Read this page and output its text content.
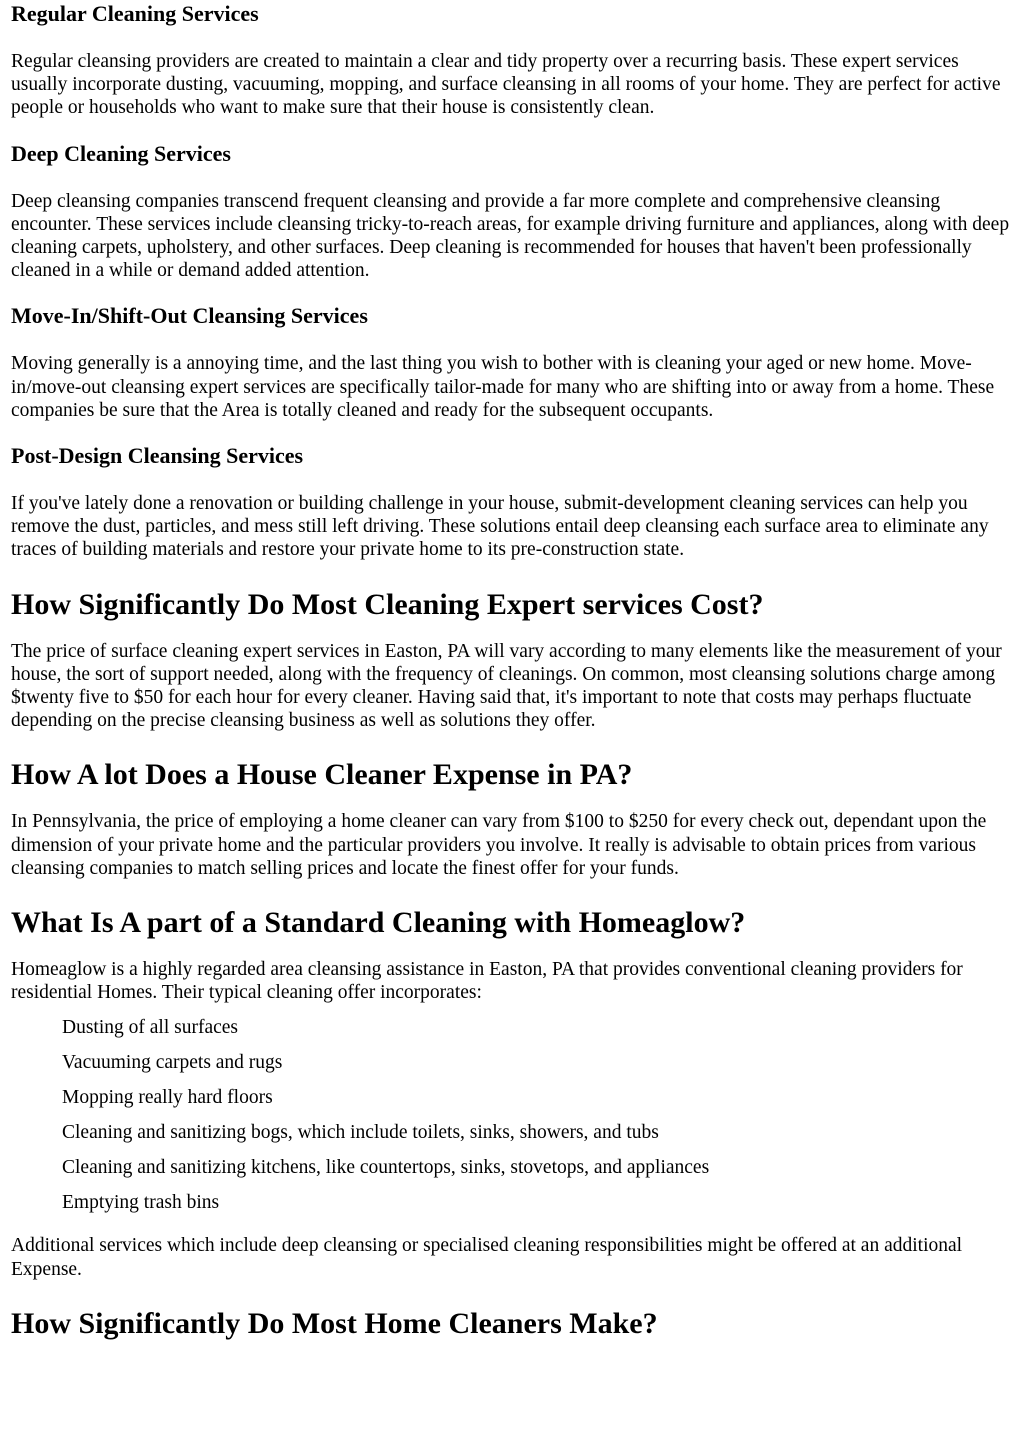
Regular Cleaning Services

Regular cleansing providers are created to maintain a clear and tidy property over a recurring basis. These expert services usually incorporate dusting, vacuuming, mopping, and surface cleansing in all rooms of your home. They are perfect for active people or households who want to make sure that their house is consistently clean.

Deep Cleaning Services

Deep cleansing companies transcend frequent cleansing and provide a far more complete and comprehensive cleansing encounter. These services include cleansing tricky-to-reach areas, for example driving furniture and appliances, along with deep cleaning carpets, upholstery, and other surfaces. Deep cleaning is recommended for houses that haven't been professionally cleaned in a while or demand added attention.

Move-In/Shift-Out Cleansing Services

Moving generally is a annoying time, and the last thing you wish to bother with is cleaning your aged or new home. Move-in/move-out cleansing expert services are specifically tailor-made for many who are shifting into or away from a home. These companies be sure that the Area is totally cleaned and ready for the subsequent occupants.

Post-Design Cleansing Services

If you've lately done a renovation or building challenge in your house, submit-development cleaning services can help you remove the dust, particles, and mess still left driving. These solutions entail deep cleansing each surface area to eliminate any traces of building materials and restore your private home to its pre-construction state.

How Significantly Do Most Cleaning Expert services Cost?

The price of surface cleaning expert services in Easton, PA will vary according to many elements like the measurement of your house, the sort of support needed, along with the frequency of cleanings. On common, most cleansing solutions charge among $twenty five to $50 for each hour for every cleaner. Having said that, it's important to note that costs may perhaps fluctuate depending on the precise cleansing business as well as solutions they offer.

How A lot Does a House Cleaner Expense in PA?

In Pennsylvania, the price of employing a home cleaner can vary from $100 to $250 for every check out, dependant upon the dimension of your private home and the particular providers you involve. It really is advisable to obtain prices from various cleansing companies to match selling prices and locate the finest offer for your funds.

What Is A part of a Standard Cleaning with Homeaglow?

Homeaglow is a highly regarded area cleansing assistance in Easton, PA that provides conventional cleaning providers for residential Homes. Their typical cleaning offer incorporates:

Dusting of all surfaces
Vacuuming carpets and rugs
Mopping really hard floors
Cleaning and sanitizing bogs, which include toilets, sinks, showers, and tubs
Cleaning and sanitizing kitchens, like countertops, sinks, stovetops, and appliances
Emptying trash bins

Additional services which include deep cleansing or specialised cleaning responsibilities might be offered at an additional Expense.

How Significantly Do Most Home Cleaners Make?
